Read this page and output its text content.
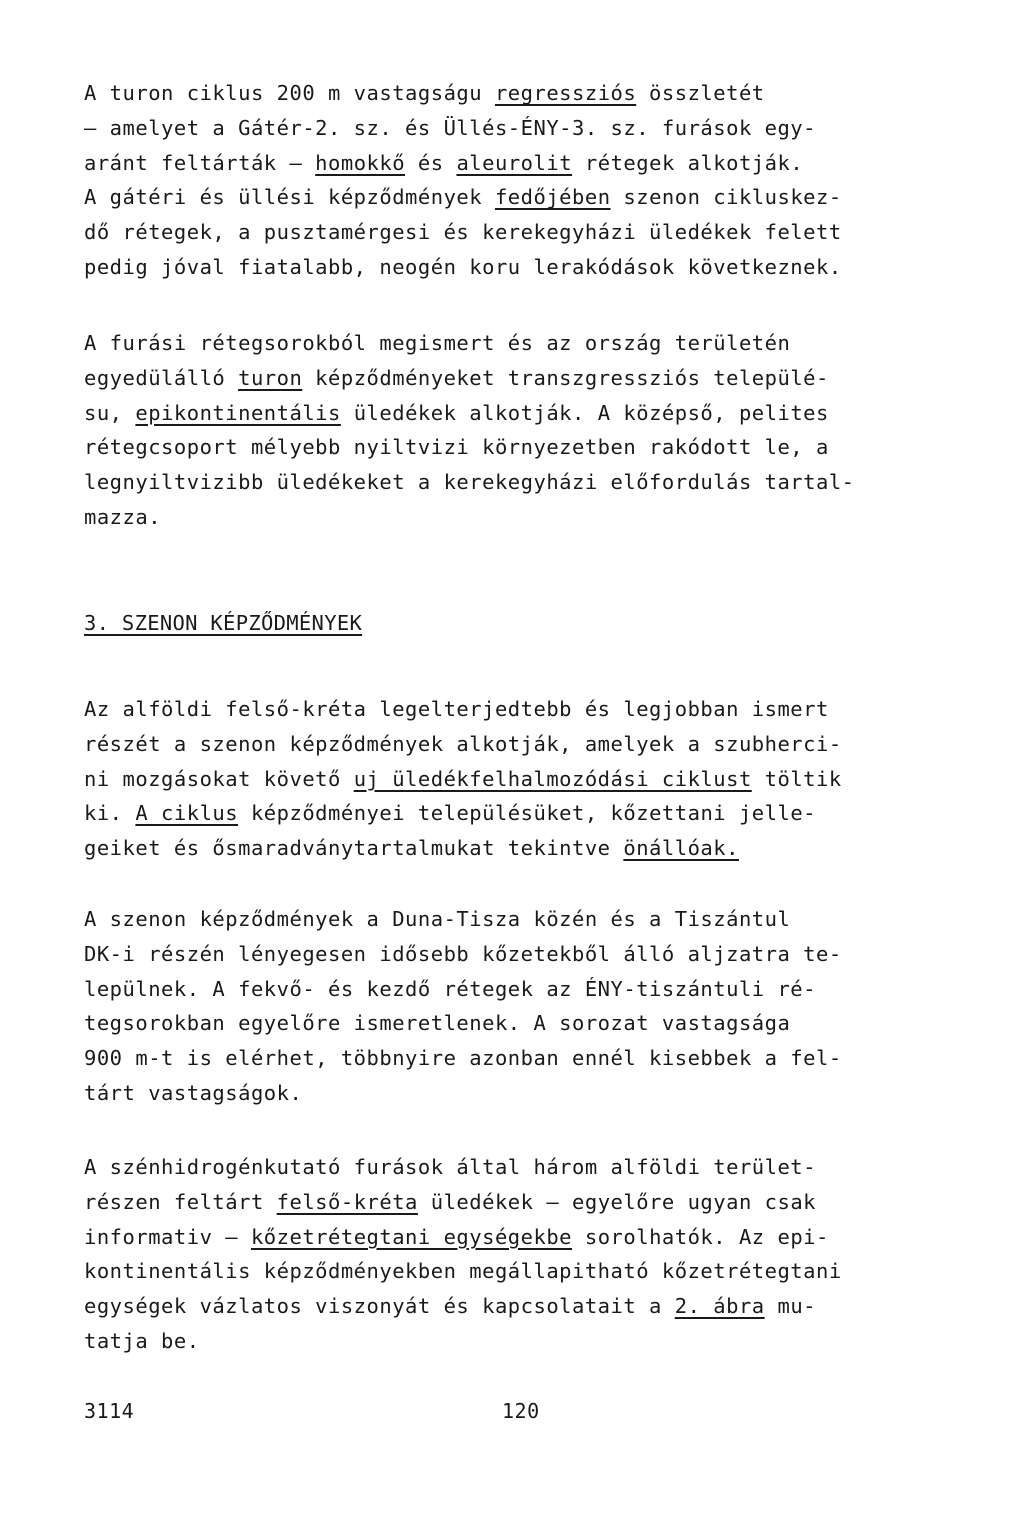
A turon ciklus 200 m vastagságu regressziós összletét
— amelyet a Gátér-2. sz. és Üllés-ÉNY-3. sz. furások egy-
aránt feltárták — homokkő és aleurolit rétegek alkotják.
A gátéri és üllési képződmények fedőjében szenon cikluskez-
dő rétegek, a pusztamérgesi és kerekegyházi üledékek felett
pedig jóval fiatalabb, neogén koru lerakódások következnek.
A furási rétegsorokból megismert és az ország területén
egyedülálló turon képződményeket transzgressziós települé-
su, epikontinentális üledékek alkotják. A középső, pelites
rétegcsoport mélyebb nyiltvizi környezetben rakódott le, a
legnyiltvizibb üledékeket a kerekegyházi előfordulás tartal-
mazza.
3. SZENON KÉPZŐDMÉNYEK
Az alföldi felső-kréta legelterjedtebb és legjobban ismert
részét a szenon képződmények alkotják, amelyek a szubherci-
ni mozgásokat követő uj üledékfelhalmozódási ciklust töltik
ki. A ciklus képződményei településüket, kőzettani jelle-
geiket és ősmaradványtartalmukat tekintve önállóak.
A szenon képződmények a Duna-Tisza közén és a Tiszántul
DK-i részén lényegesen idősebb kőzetekből álló aljzatra te-
lepülnek. A fekvő- és kezdő rétegek az ÉNY-tiszántuli ré-
tegsorokban egyelőre ismeretlenek. A sorozat vastagsága
900 m-t is elérhet, többnyire azonban ennél kisebbek a fel-
tárt vastagságok.
A szénhidrogénkutató furások által három alföldi terület-
részen feltárt felső-kréta üledékek — egyelőre ugyan csak
informativ — kőzetrétegtani egységekbe sorolhatók. Az epi-
kontinentális képződményekben megállapitható kőzetrétegtani
egységek vázlatos viszonyát és kapcsolatait a 2. ábra mu-
tatja be.
3114	120
